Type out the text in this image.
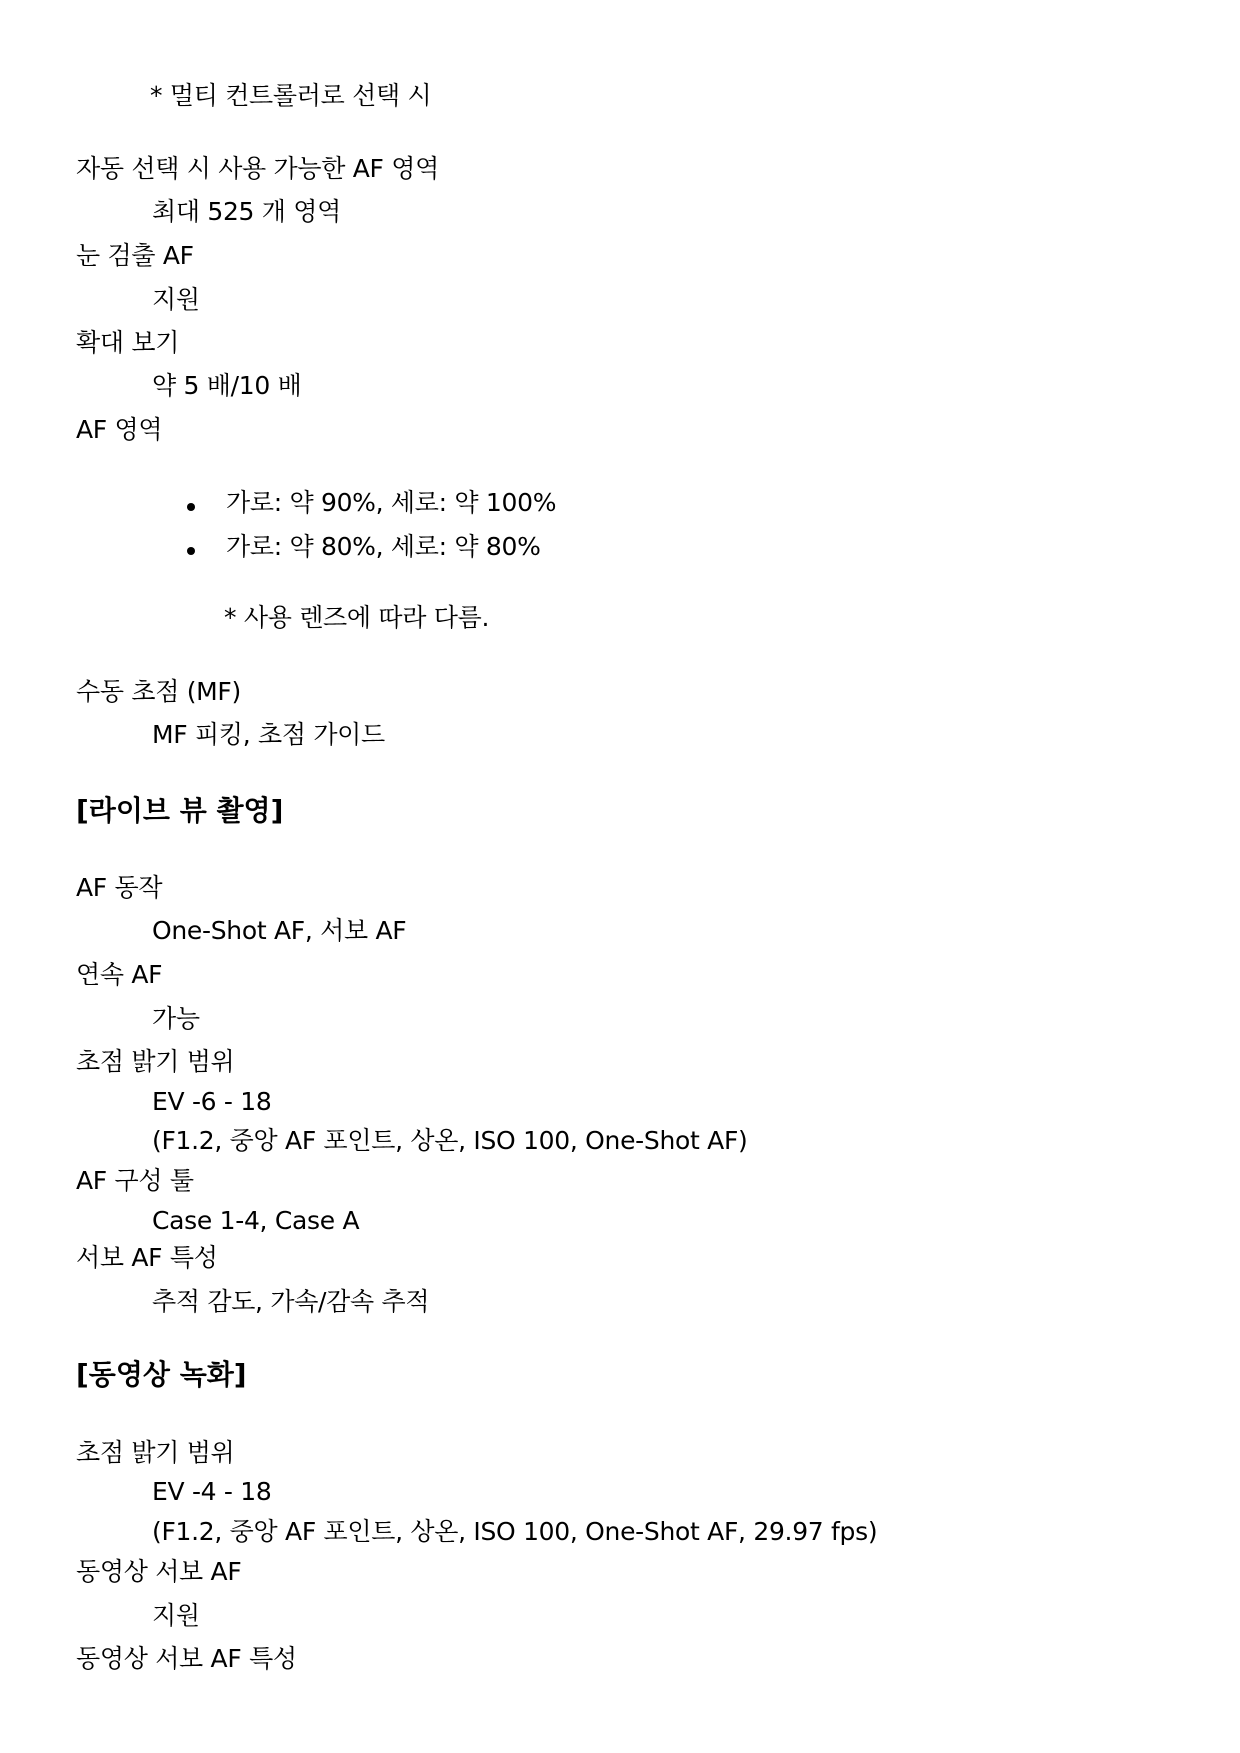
* 멀티 컨트롤러로 선택 시
자동 선택 시 사용 가능한 AF 영역
최대 525 개 영역
눈 검출 AF
지원
확대 보기
약 5 배/10 배
AF 영역
가로: 약 90%, 세로: 약 100%
가로: 약 80%, 세로: 약 80%
* 사용 렌즈에 따라 다름.
수동 초점 (MF)
MF 피킹, 초점 가이드
[라이브 뷰 촬영]
AF 동작
One-Shot AF, 서보 AF
연속 AF
가능
초점 밝기 범위
EV -6 - 18
(F1.2, 중앙 AF 포인트, 상온, ISO 100, One-Shot AF)
AF 구성 툴
Case 1-4, Case A
서보 AF 특성
추적 감도, 가속/감속 추적
[동영상 녹화]
초점 밝기 범위
EV -4 - 18
(F1.2, 중앙 AF 포인트, 상온, ISO 100, One-Shot AF, 29.97 fps)
동영상 서보 AF
지원
동영상 서보 AF 특성
